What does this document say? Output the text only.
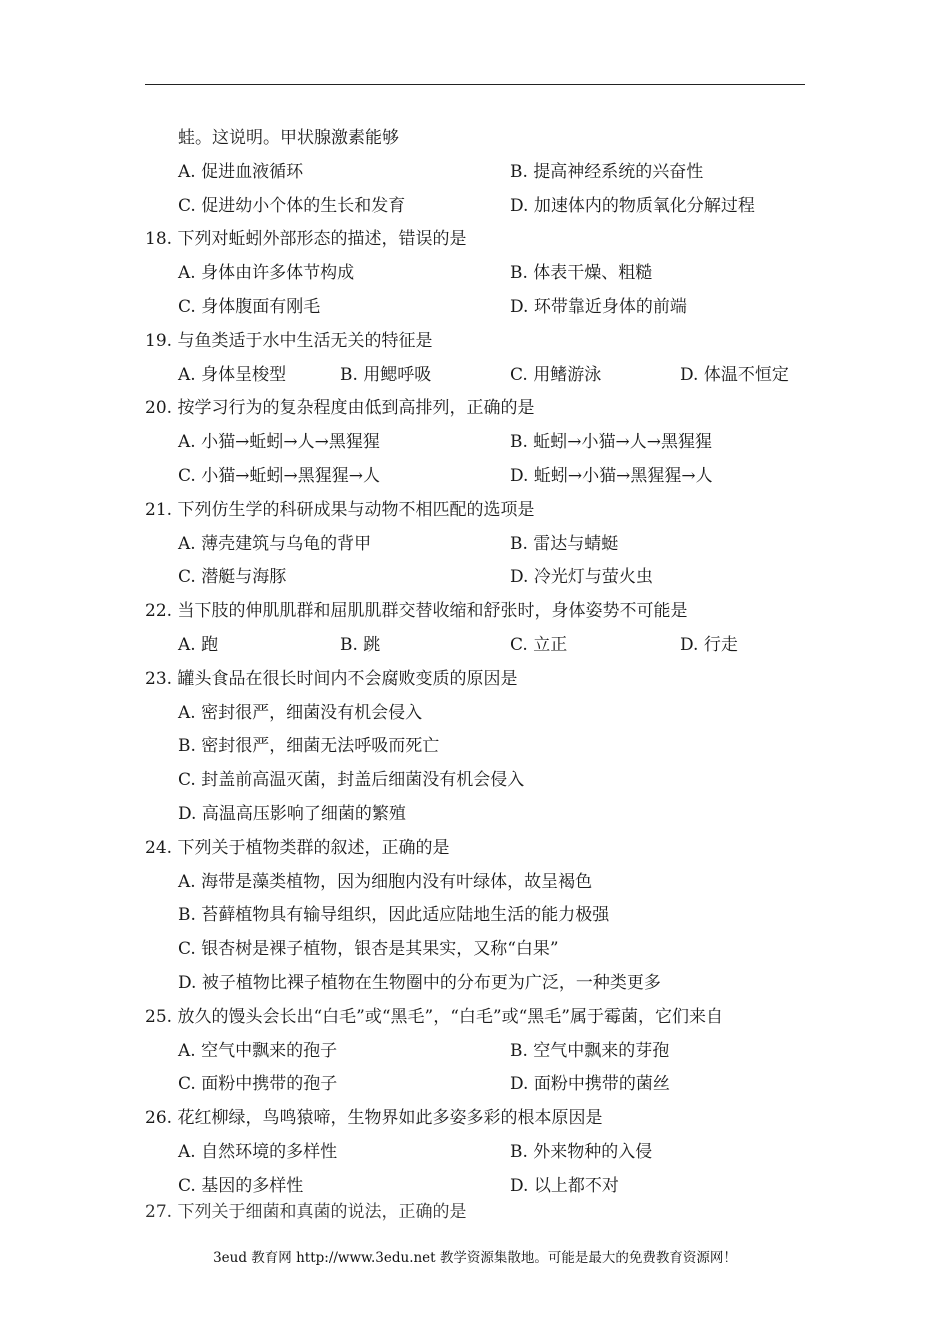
蛙。这说明。甲状腺激素能够
A. 促进血液循环	B. 提高神经系统的兴奋性
C. 促进幼小个体的生长和发育	D. 加速体内的物质氧化分解过程
18. 下列对蚯蚓外部形态的描述，错误的是
A. 身体由许多体节构成	B. 体表干燥、粗糙
C. 身体腹面有刚毛	D. 环带靠近身体的前端
19. 与鱼类适于水中生活无关的特征是
A. 身体呈梭型	B. 用鳃呼吸	C. 用鳍游泳	D. 体温不恒定
20. 按学习行为的复杂程度由低到高排列，正确的是
A. 小猫→蚯蚓→人→黑猩猩	B. 蚯蚓→小猫→人→黑猩猩
C. 小猫→蚯蚓→黑猩猩→人	D. 蚯蚓→小猫→黑猩猩→人
21. 下列仿生学的科研成果与动物不相匹配的选项是
A. 薄壳建筑与乌龟的背甲	B. 雷达与蜻蜓
C. 潜艇与海豚	D. 冷光灯与萤火虫
22. 当下肢的伸肌肌群和屈肌肌群交替收缩和舒张时，身体姿势不可能是
A. 跑	B. 跳	C. 立正	D. 行走
23. 罐头食品在很长时间内不会腐败变质的原因是
A. 密封很严，细菌没有机会侵入
B. 密封很严，细菌无法呼吸而死亡
C. 封盖前高温灭菌，封盖后细菌没有机会侵入
D. 高温高压影响了细菌的繁殖
24. 下列关于植物类群的叙述，正确的是
A. 海带是藻类植物，因为细胞内没有叶绿体，故呈褐色
B. 苔藓植物具有输导组织，因此适应陆地生活的能力极强
C. 银杏树是裸子植物，银杏是其果实，又称“白果”
D. 被子植物比裸子植物在生物圈中的分布更为广泛，一种类更多
25. 放久的馒头会长出“白毛”或“黑毛”，“白毛”或“黑毛”属于霉菌，它们来自
A. 空气中飘来的孢子	B. 空气中飘来的芽孢
C. 面粉中携带的孢子	D. 面粉中携带的菌丝
26. 花红柳绿，鸟鸣猿啼，生物界如此多姿多彩的根本原因是
A. 自然环境的多样性	B. 外来物种的入侵
C. 基因的多样性	D. 以上都不对
27. 下列关于细菌和真菌的说法，正确的是
3eud 教育网 http://www.3edu.net 教学资源集散地。可能是最大的免费教育资源网！
